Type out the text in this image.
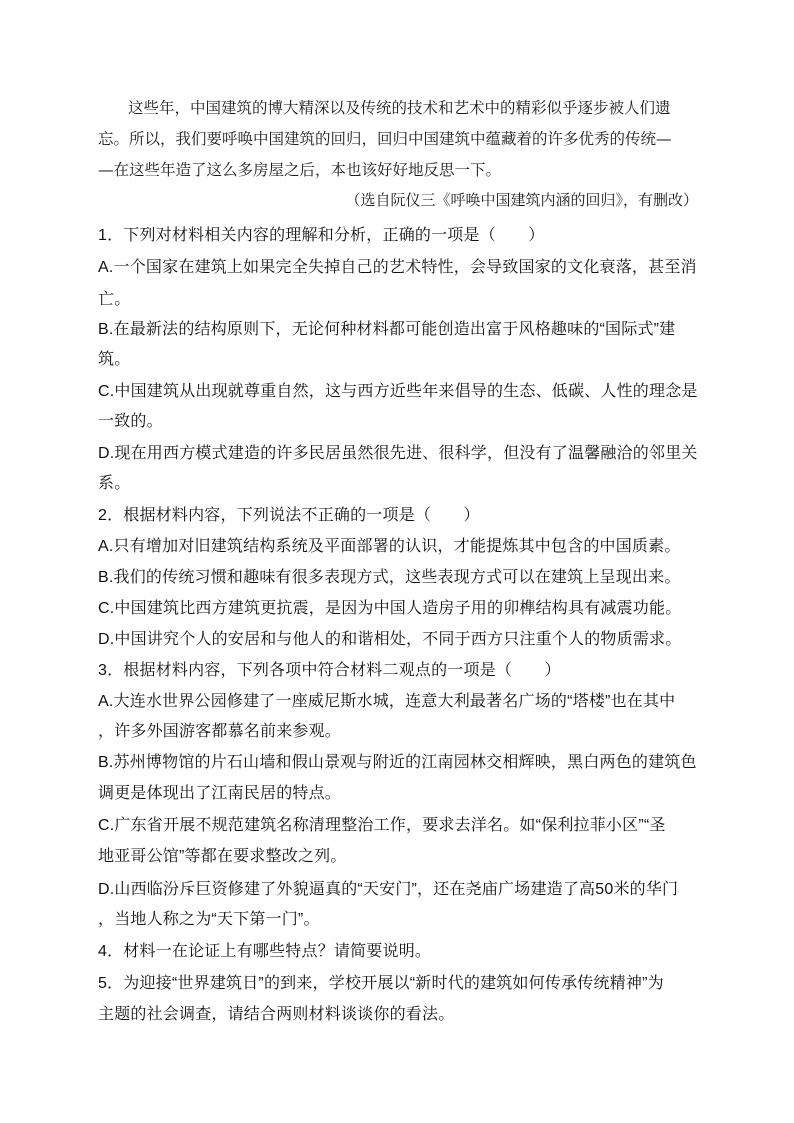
这些年，中国建筑的博大精深以及传统的技术和艺术中的精彩似乎逐步被人们遗
忘。所以，我们要呼唤中国建筑的回归，回归中国建筑中蕴藏着的许多优秀的传统—
—在这些年造了这么多房屋之后，本也该好好地反思一下。
（选自阮仪三《呼唤中国建筑内涵的回归》，有删改）
1．下列对材料相关内容的理解和分析，正确的一项是（　　）
A.一个国家在建筑上如果完全失掉自己的艺术特性，会导致国家的文化衰落，甚至消
亡。
B.在最新法的结构原则下，无论何种材料都可能创造出富于风格趣味的“国际式”建
筑。
C.中国建筑从出现就尊重自然，这与西方近些年来倡导的生态、低碳、人性的理念是
一致的。
D.现在用西方模式建造的许多民居虽然很先进、很科学，但没有了温馨融洽的邻里关
系。
2．根据材料内容，下列说法不正确的一项是（　　）
A.只有增加对旧建筑结构系统及平面部署的认识，才能提炼其中包含的中国质素。
B.我们的传统习惯和趣味有很多表现方式，这些表现方式可以在建筑上呈现出来。
C.中国建筑比西方建筑更抗震，是因为中国人造房子用的卯榫结构具有减震功能。
D.中国讲究个人的安居和与他人的和谐相处，不同于西方只注重个人的物质需求。
3．根据材料内容，下列各项中符合材料二观点的一项是（　　）
A.大连水世界公园修建了一座威尼斯水城，连意大利最著名广场的“塔楼”也在其中
，许多外国游客都慕名前来参观。
B.苏州博物馆的片石山墙和假山景观与附近的江南园林交相辉映，黑白两色的建筑色
调更是体现出了江南民居的特点。
C.广东省开展不规范建筑名称清理整治工作，要求去洋名。如“保利拉菲小区”“圣
地亚哥公馆”等都在要求整改之列。
D.山西临汾斥巨资修建了外貌逼真的“天安门”，还在尧庙广场建造了高50米的华门
，当地人称之为“天下第一门”。
4．材料一在论证上有哪些特点？请简要说明。
5．为迎接“世界建筑日”的到来，学校开展以“新时代的建筑如何传承传统精神”为
主题的社会调查，请结合两则材料谈谈你的看法。
